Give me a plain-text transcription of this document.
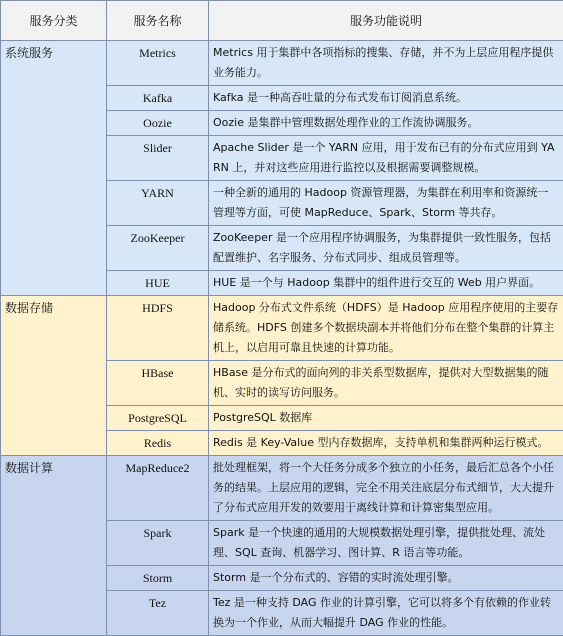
服务分类	服务名称	服务功能说明
系统服务	Metrics	Metrics 用于集群中各项指标的搜集、存储，并不为上层应用程序提供业务能力。
	Kafka	Kafka 是一种高吞吐量的分布式发布订阅消息系统。
	Oozie	Oozie 是集群中管理数据处理作业的工作流协调服务。
	Slider	Apache Slider 是一个 YARN 应用，用于发布已有的分布式应用到 YARN 上，并对这些应用进行监控以及根据需要调整规模。
	YARN	一种全新的通用的 Hadoop 资源管理器，为集群在利用率和资源统一管理等方面，可使 MapReduce、Spark、Storm 等共存。
	ZooKeeper	ZooKeeper 是一个应用程序协调服务，为集群提供一致性服务，包括配置维护、名字服务、分布式同步、组成员管理等。
	HUE	HUE 是一个与 Hadoop 集群中的组件进行交互的 Web 用户界面。
数据存储	HDFS	Hadoop 分布式文件系统（HDFS）是 Hadoop 应用程序使用的主要存储系统。HDFS 创建多个数据块副本并将他们分布在整个集群的计算主机上，以启用可靠且快速的计算功能。
	HBase	HBase 是分布式的面向列的非关系型数据库，提供对大型数据集的随机、实时的读写访问服务。
	PostgreSQL	PostgreSQL 数据库
	Redis	Redis 是 Key-Value 型内存数据库，支持单机和集群两种运行模式。
数据计算	MapReduce2	批处理框架，将一个大任务分成多个独立的小任务，最后汇总各个小任务的结果。上层应用的逻辑，完全不用关注底层分布式细节，大大提升了分布式应用开发的效要用于离线计算和计算密集型应用。
	Spark	Spark 是一个快速的通用的大规模数据处理引擎，提供批处理、流处理、SQL 查询、机器学习、图计算、R 语言等功能。
	Storm	Storm 是一个分布式的、容错的实时流处理引擎。
	Tez	Tez 是一种支持 DAG 作业的计算引擎，它可以将多个有依赖的作业转换为一个作业，从而大幅提升 DAG 作业的性能。
